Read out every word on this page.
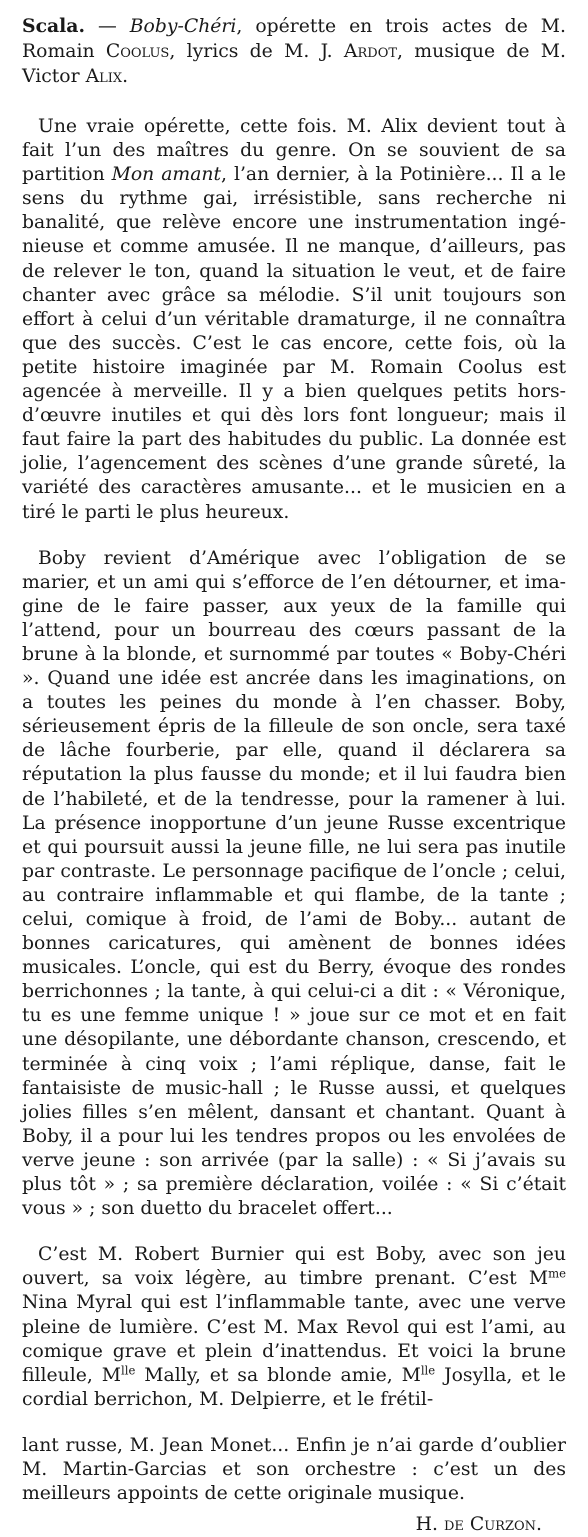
Scala. — Boby-Chéri, opérette en trois actes de M. Romain Coolus, lyrics de M. J. Ardot, musique de M. Victor Alix.

Une vraie opérette, cette fois. M. Alix devient tout à fait l’un des maîtres du genre. On se souvient de sa partition Mon amant, l’an dernier, à la Potinière... Il a le sens du rythme gai, irrésistible, sans recherche ni banalité, que relève encore une instrumentation ingénieuse et comme amusée. Il ne manque, d’ailleurs, pas de relever le ton, quand la situation le veut, et de faire chanter avec grâce sa mélodie. S’il unit toujours son effort à celui d’un véritable dramaturge, il ne connaîtra que des succès. C’est le cas encore, cette fois, où la petite histoire imaginée par M. Romain Coolus est agencée à merveille. Il y a bien quelques petits hors-d’œuvre inutiles et qui dès lors font longueur; mais il faut faire la part des habitudes du public. La donnée est jolie, l’agencement des scènes d’une grande sûreté, la variété des caractères amusante... et le musicien en a tiré le parti le plus heureux.

Boby revient d’Amérique avec l’obligation de se marier, et un ami qui s’efforce de l’en détourner, et imagine de le faire passer, aux yeux de la famille qui l’attend, pour un bourreau des cœurs passant de la brune à la blonde, et surnommé par toutes « Boby-Chéri ». Quand une idée est ancrée dans les imaginations, on a toutes les peines du monde à l’en chasser. Boby, sérieusement épris de la filleule de son oncle, sera taxé de lâche fourberie, par elle, quand il déclarera sa réputation la plus fausse du monde; et il lui faudra bien de l’habileté, et de la tendresse, pour la ramener à lui. La présence inopportune d’un jeune Russe excentrique et qui poursuit aussi la jeune fille, ne lui sera pas inutile par contraste. Le personnage pacifique de l’oncle ; celui, au contraire inflammable et qui flambe, de la tante ; celui, comique à froid, de l’ami de Boby... autant de bonnes caricatures, qui amènent de bonnes idées musicales. L’oncle, qui est du Berry, évoque des rondes berrichonnes ; la tante, à qui celui-ci a dit : « Véronique, tu es une femme unique ! » joue sur ce mot et en fait une désopilante, une débordante chanson, crescendo, et terminée à cinq voix ; l’ami réplique, danse, fait le fantaisiste de music-hall ; le Russe aussi, et quelques jolies filles s’en mêlent, dansant et chantant. Quant à Boby, il a pour lui les tendres propos ou les envolées de verve jeune : son arrivée (par la salle) : « Si j’avais su plus tôt » ; sa première déclaration, voilée : « Si c’était vous » ; son duetto du bracelet offert...

C’est M. Robert Burnier qui est Boby, avec son jeu ouvert, sa voix légère, au timbre prenant. C’est $M^{me}$ Nina Myral qui est l’inflammable tante, avec une verve pleine de lumière. C’est M. Max Revol qui est l’ami, au comique grave et plein d’inattendus. Et voici la brune filleule, $M^{lle}$ Mally, et sa blonde amie, $M^{lle}$ Josylla, et le cordial berrichon, M. Delpierre, et le frétil-

lant russe, M. Jean Monet... Enfin je n’ai garde d’oublier M. Martin-Garcias et son orchestre : c’est un des meilleurs appoints de cette originale musique.

H. de Curzon.
